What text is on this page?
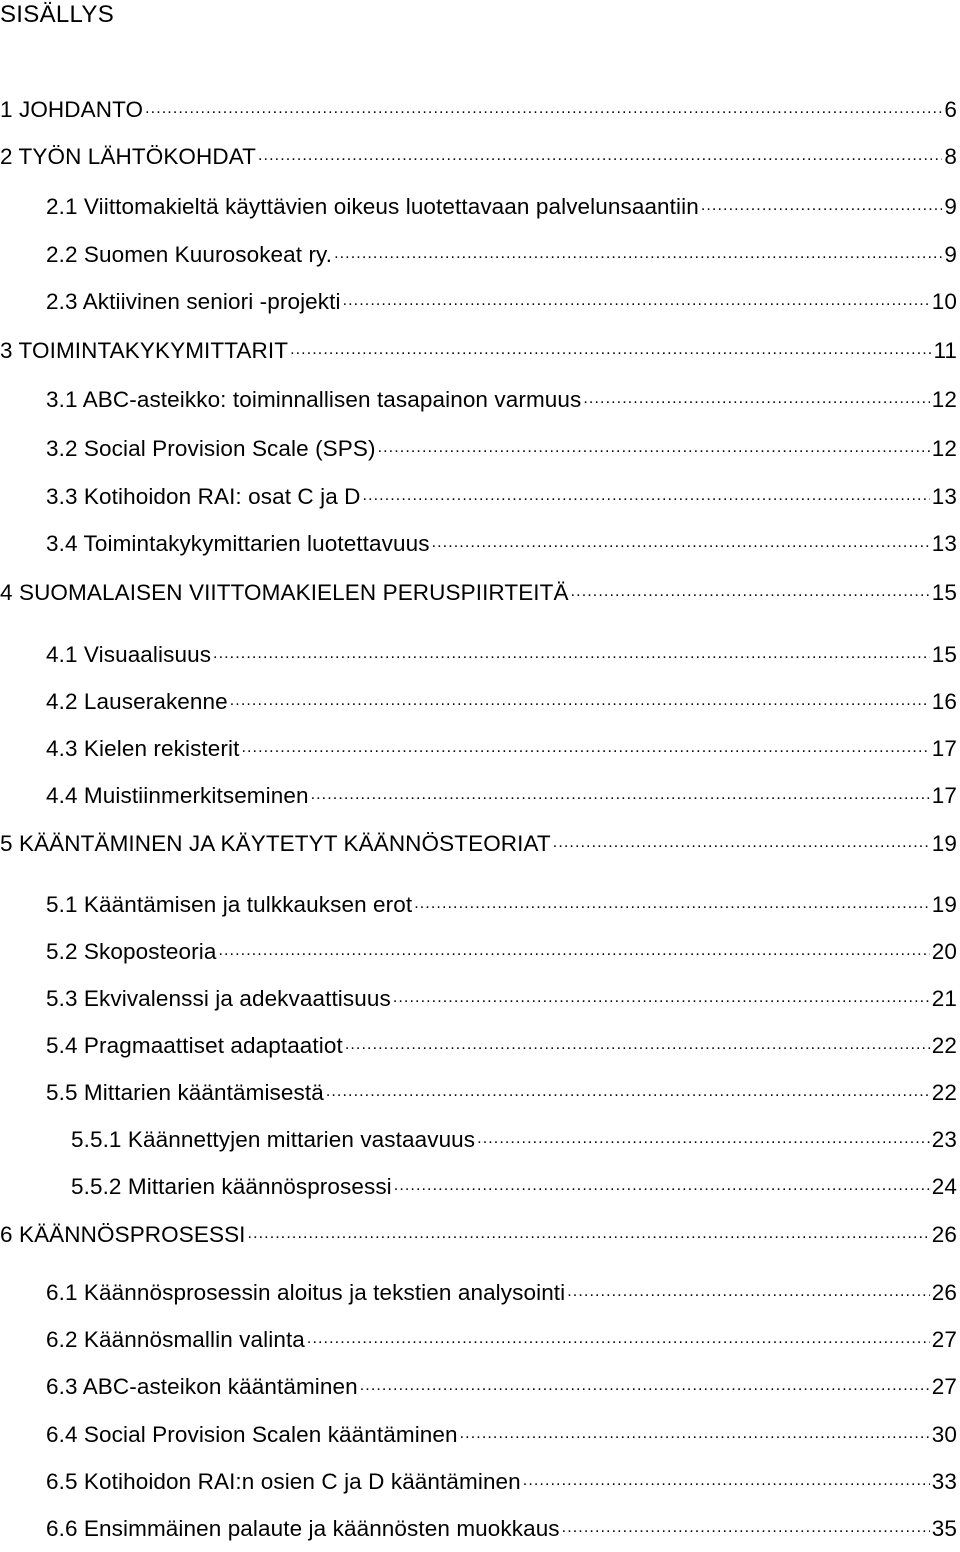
SISÄLLYS
1 JOHDANTO .....	6
2 TYÖN LÄHTÖKOHDAT .....	8
2.1 Viittomakieltä käyttävien oikeus luotettavaan palvelunsaantiin .....	9
2.2 Suomen Kuurosokeat ry. .....	9
2.3 Aktiivinen seniori -projekti .....	10
3 TOIMINTAKYKYMITTARIT .....	11
3.1 ABC-asteikko: toiminnallisen tasapainon varmuus .....	12
3.2 Social Provision Scale (SPS) .....	12
3.3 Kotihoidon RAI: osat C ja D .....	13
3.4 Toimintakykymittarien luotettavuus .....	13
4 SUOMALAISEN VIITTOMAKIELEN PERUSPIIRTEITÄ .....	15
4.1 Visuaalisuus .....	15
4.2 Lauserakenne .....	16
4.3 Kielen rekisterit .....	17
4.4 Muistiinmerkitseminen .....	17
5 KÄÄNTÄMINEN JA KÄYTETYT KÄÄNNÖSTEORIAT .....	19
5.1 Kääntämisen ja tulkkauksen erot .....	19
5.2 Skoposteoria .....	20
5.3 Ekvivalenssi ja adekvaattisuus .....	21
5.4 Pragmaattiset adaptaatiot .....	22
5.5 Mittarien kääntämisestä .....	22
5.5.1 Käännettyjen mittarien vastaavuus .....	23
5.5.2 Mittarien käännösprosessi .....	24
6 KÄÄNNÖSPROSESSI .....	26
6.1 Käännösprosessin aloitus ja tekstien analysointi .....	26
6.2 Käännösmallin valinta .....	27
6.3 ABC-asteikon kääntäminen .....	27
6.4 Social Provision Scalen kääntäminen .....	30
6.5 Kotihoidon RAI:n osien C ja D kääntäminen .....	33
6.6 Ensimmäinen palaute ja käännösten muokkaus .....	35
